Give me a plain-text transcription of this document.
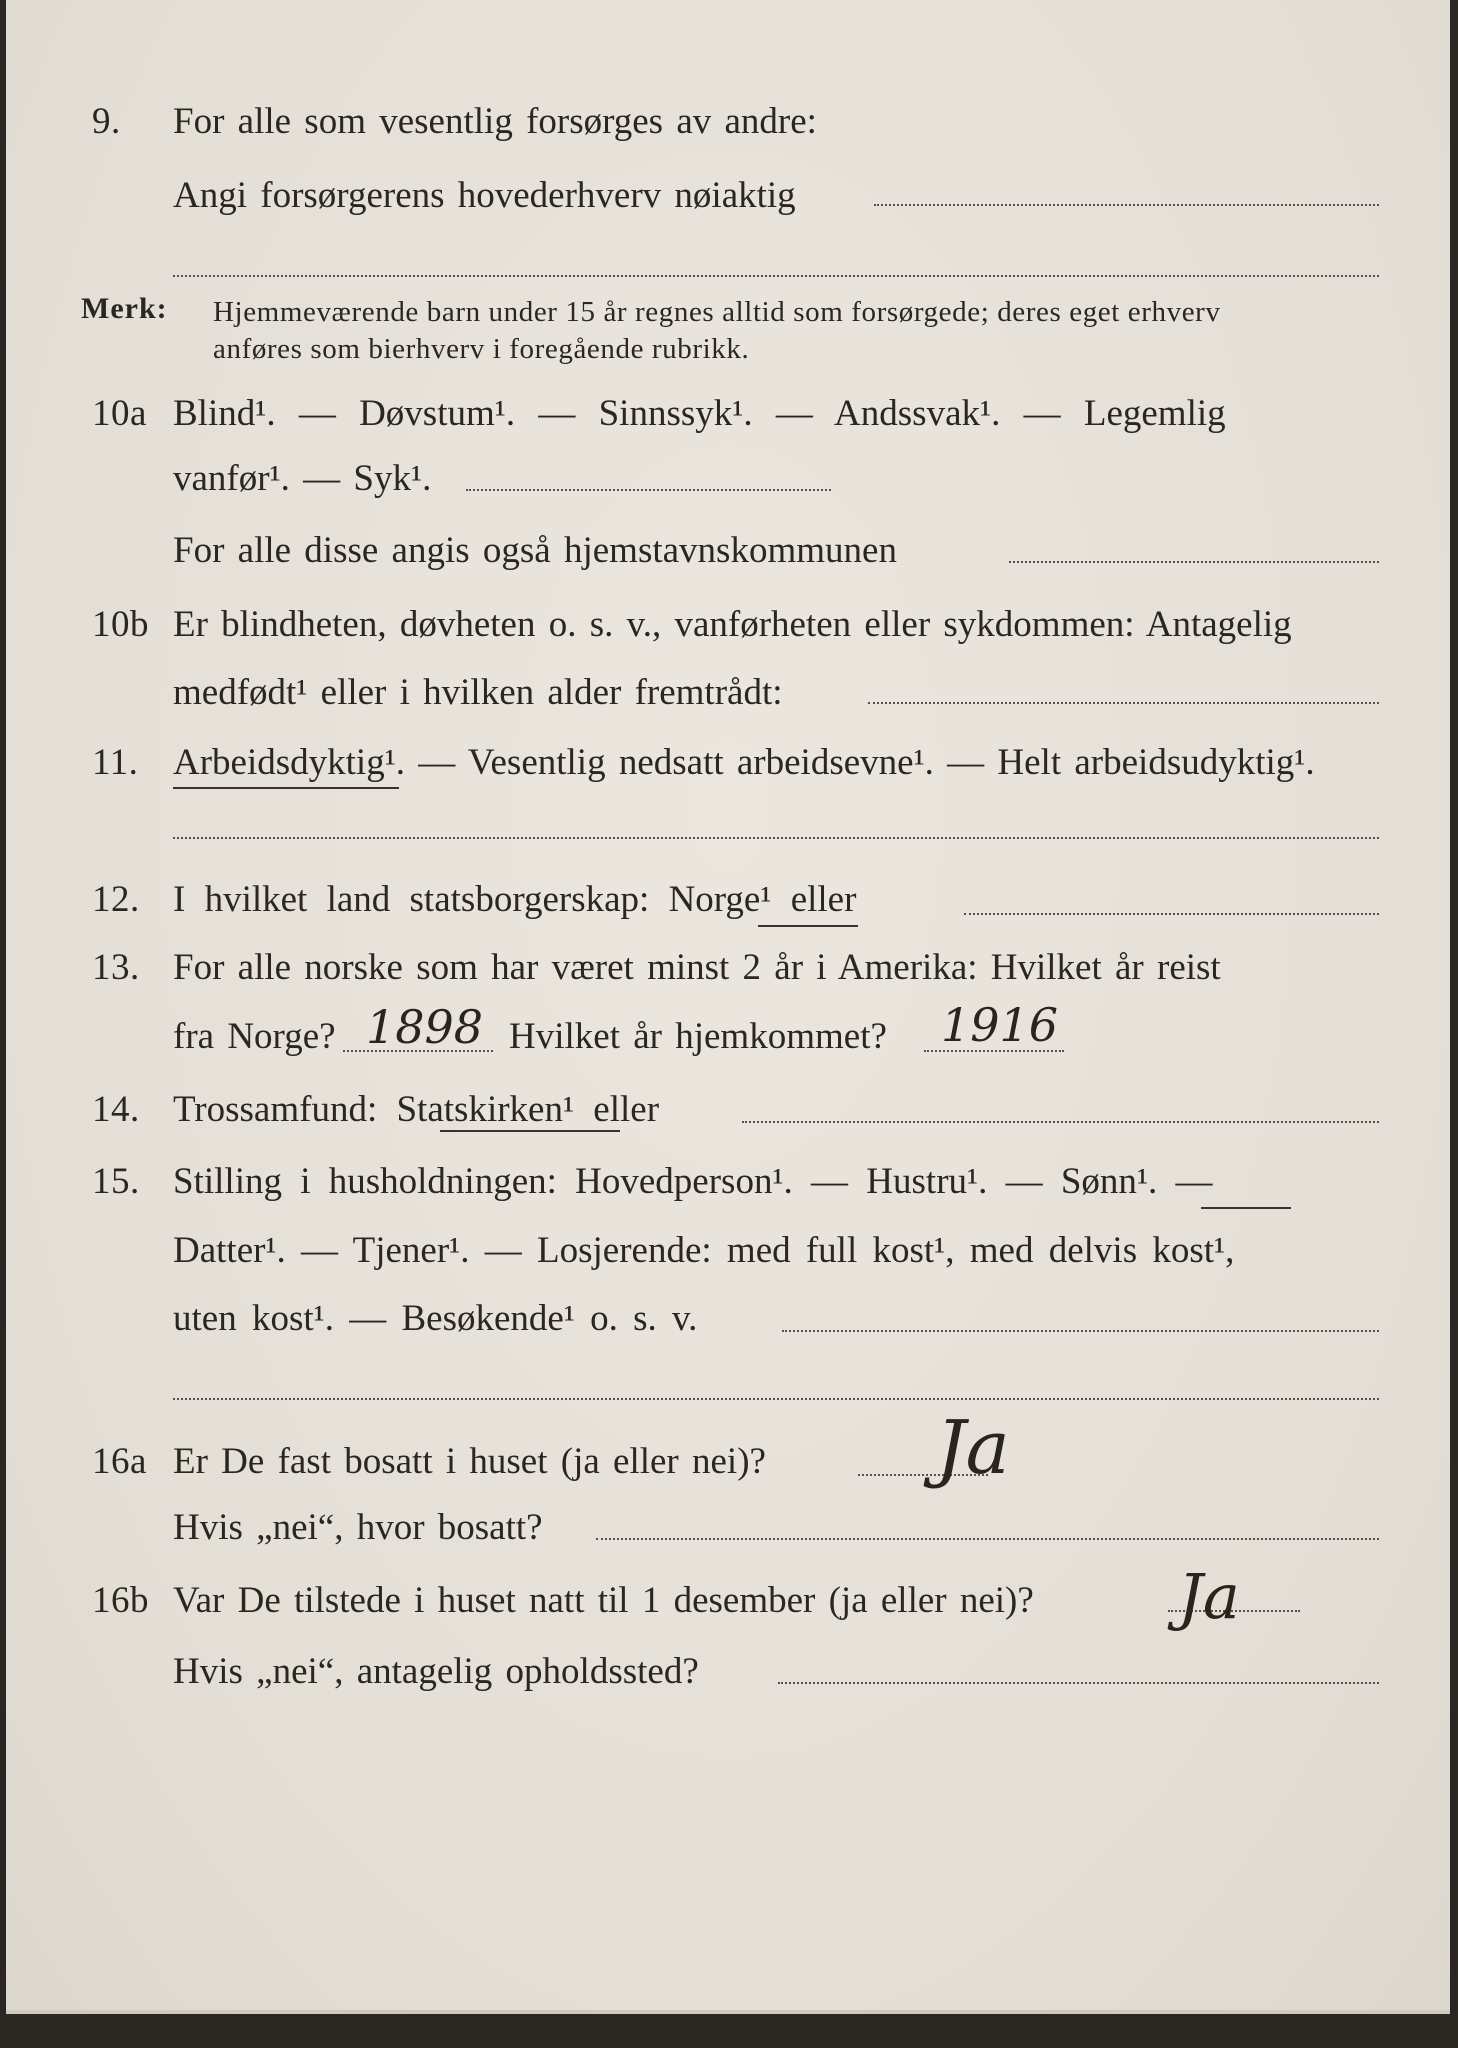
9. For alle som vesentlig forsørges av andre:
Angi forsørgerens hovederhverv nøiaktig
Merk: Hjemmeværende barn under 15 år regnes alltid som forsørgede; deres eget erhverv
anføres som bierhverv i foregående rubrikk.
10a Blind¹. — Døvstum¹. — Sinnssyk¹. — Andssvak¹. — Legemlig
vanfør¹. — Syk¹.
For alle disse angis også hjemstavnskommunen
10b Er blindheten, døvheten o. s. v., vanførheten eller sykdommen: Antagelig
medfødt¹ eller i hvilken alder fremtrådt:
11. Arbeidsdyktig¹. — Vesentlig nedsatt arbeidsevne¹. — Helt arbeidsudyktig¹.
12. I hvilket land statsborgerskap: Norge¹ eller
13. For alle norske som har været minst 2 år i Amerika: Hvilket år reist
fra Norge? 1898 Hvilket år hjemkommet? 1916
14. Trossamfund: Statskirken¹ eller
15. Stilling i husholdningen: Hovedperson¹. — Hustru¹. — Sønn¹. —
Datter¹. — Tjener¹. — Losjerende: med full kost¹, med delvis kost¹,
uten kost¹. — Besøkende¹ o. s. v.
16a Er De fast bosatt i huset (ja eller nei)? Ja
Hvis „nei“, hvor bosatt?
16b Var De tilstede i huset natt til 1 desember (ja eller nei)? Ja
Hvis „nei“, antagelig opholdssted?
